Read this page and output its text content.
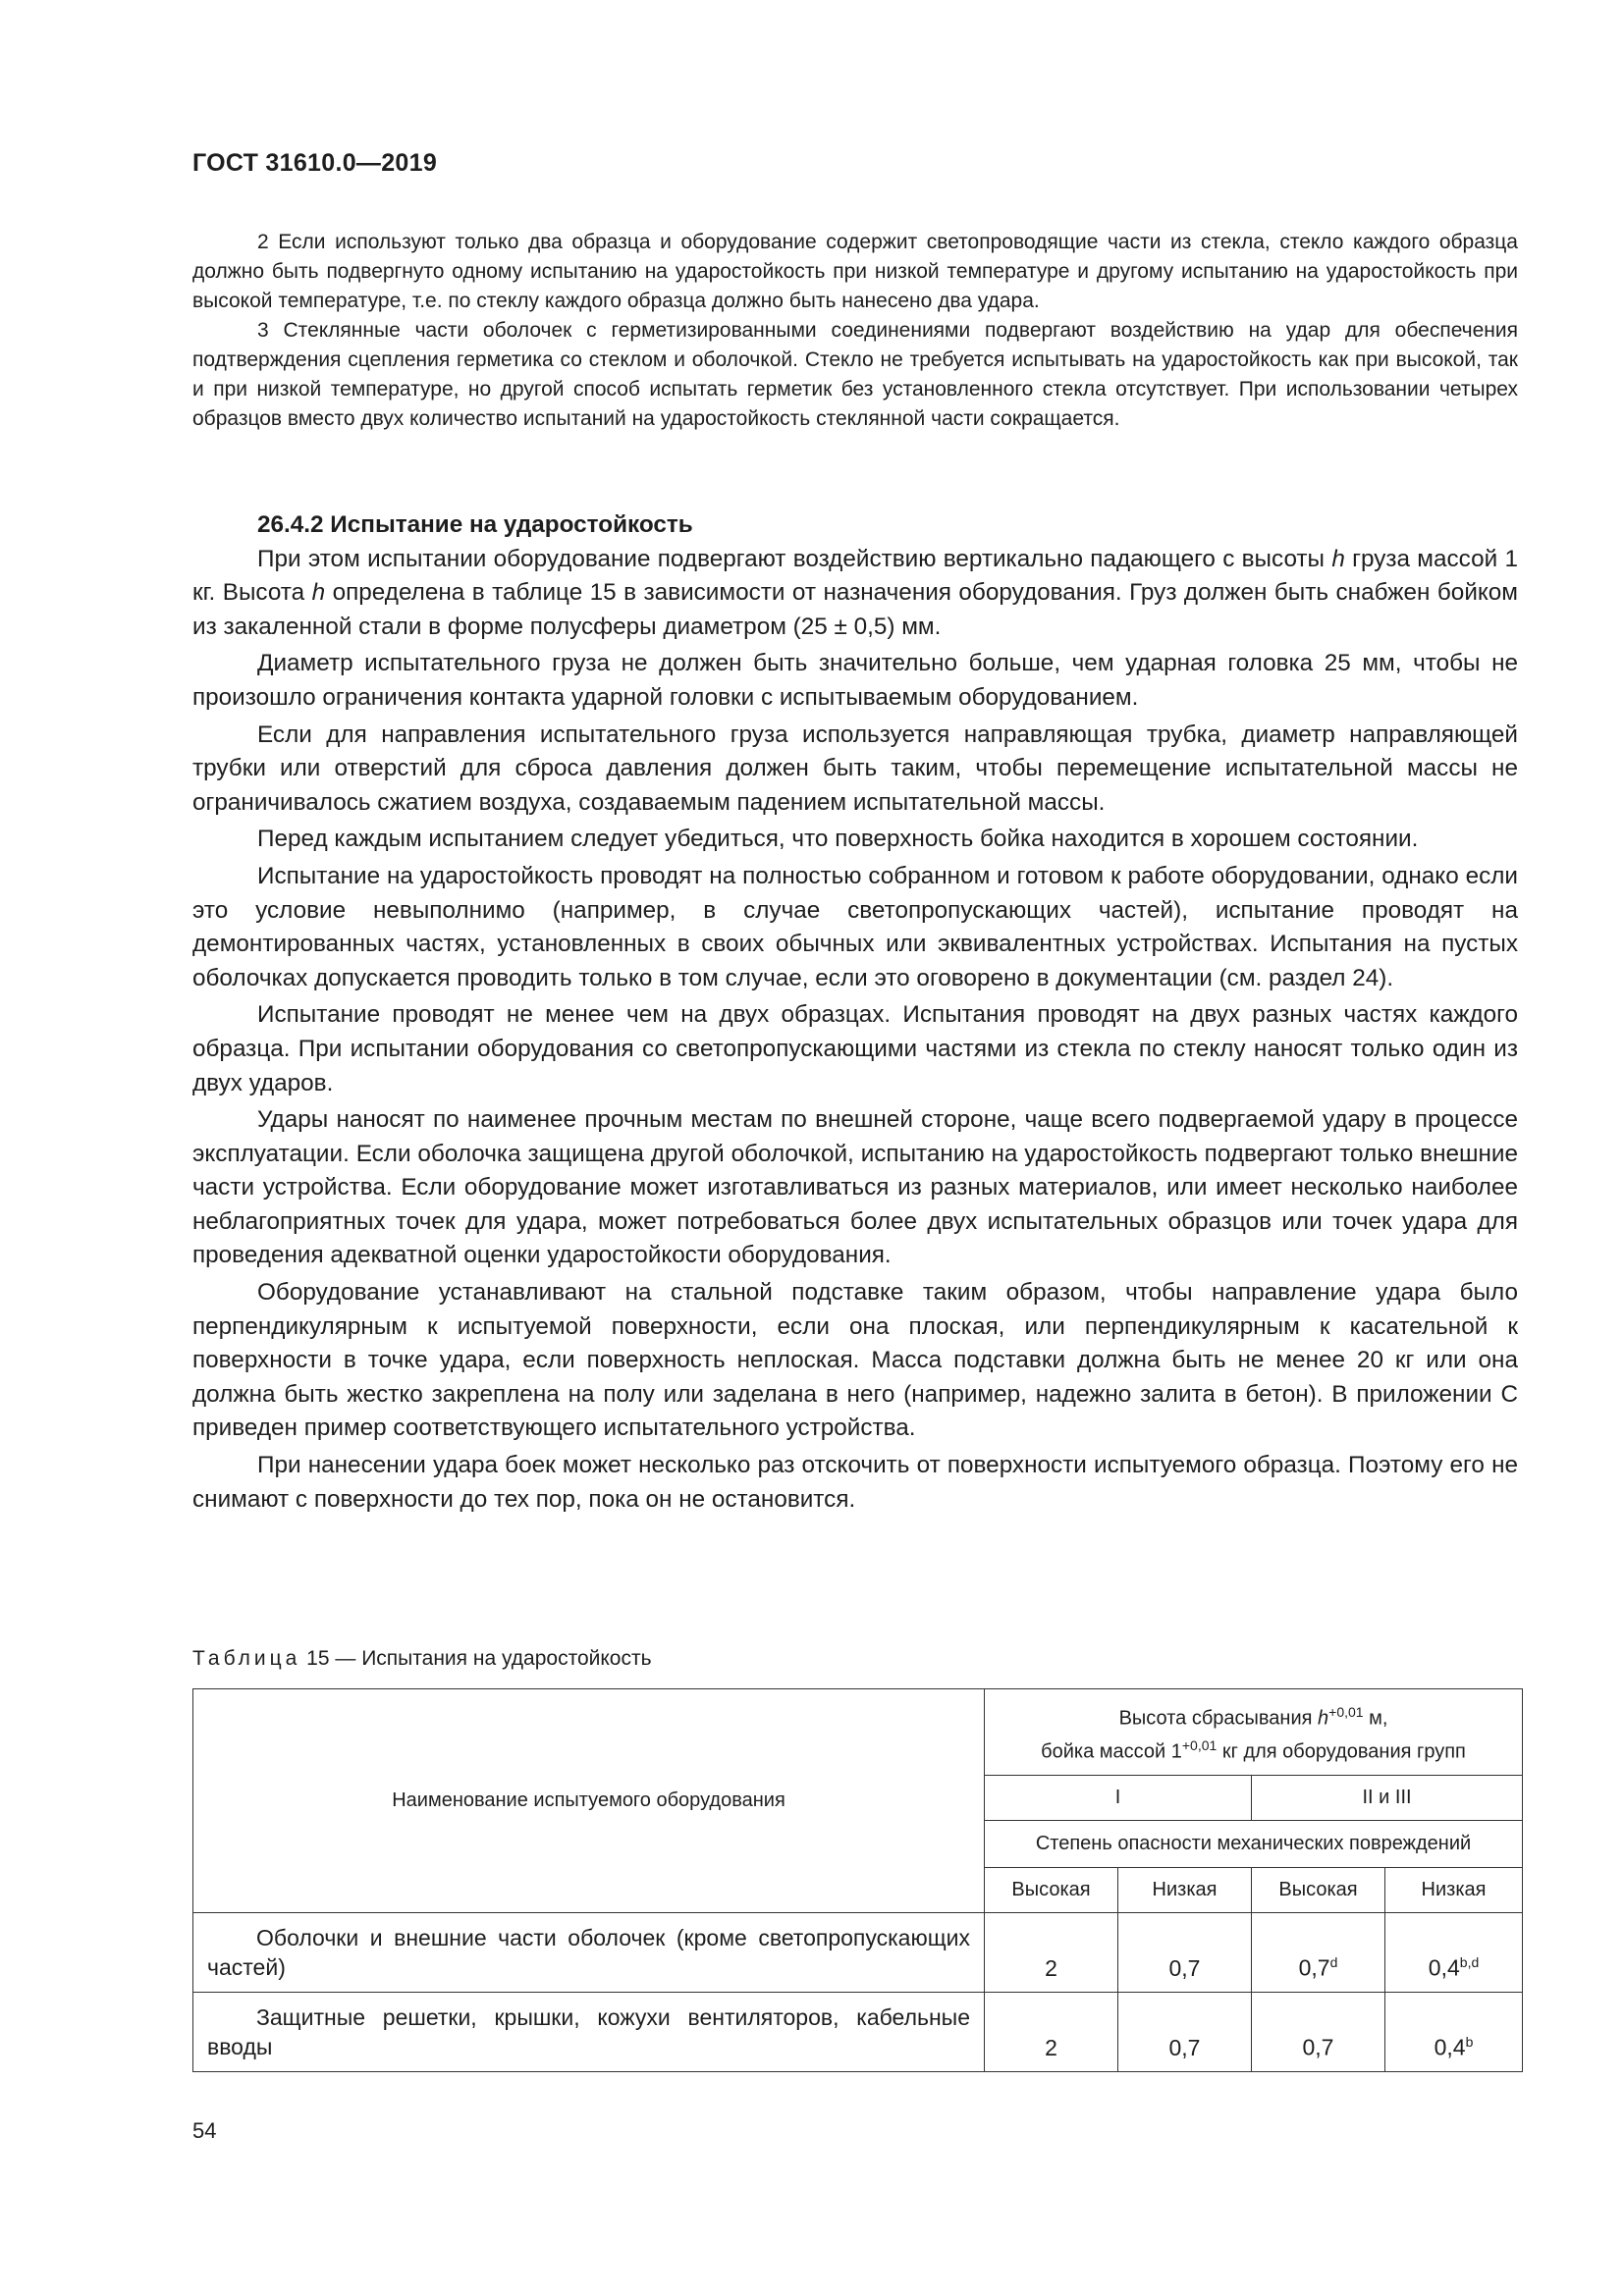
ГОСТ 31610.0—2019

2 Если используют только два образца и оборудование содержит светопроводящие части из стекла, стекло каждого образца должно быть подвергнуто одному испытанию на ударостойкость при низкой температуре и другому испытанию на ударостойкость при высокой температуре, т.е. по стеклу каждого образца должно быть нанесено два удара.

3 Стеклянные части оболочек с герметизированными соединениями подвергают воздействию на удар для обеспечения подтверждения сцепления герметика со стеклом и оболочкой. Стекло не требуется испытывать на ударостойкость как при высокой, так и при низкой температуре, но другой способ испытать герметик без установленного стекла отсутствует. При использовании четырех образцов вместо двух количество испытаний на ударостойкость стеклянной части сокращается.

26.4.2 Испытание на ударостойкость

При этом испытании оборудование подвергают воздействию вертикально падающего с высоты h груза массой 1 кг. Высота h определена в таблице 15 в зависимости от назначения оборудования. Груз должен быть снабжен бойком из закаленной стали в форме полусферы диаметром (25 ± 0,5) мм.

Диаметр испытательного груза не должен быть значительно больше, чем ударная головка 25 мм, чтобы не произошло ограничения контакта ударной головки с испытываемым оборудованием.

Если для направления испытательного груза используется направляющая трубка, диаметр направляющей трубки или отверстий для сброса давления должен быть таким, чтобы перемещение испытательной массы не ограничивалось сжатием воздуха, создаваемым падением испытательной массы.

Перед каждым испытанием следует убедиться, что поверхность бойка находится в хорошем состоянии.

Испытание на ударостойкость проводят на полностью собранном и готовом к работе оборудовании, однако если это условие невыполнимо (например, в случае светопропускающих частей), испытание проводят на демонтированных частях, установленных в своих обычных или эквивалентных устройствах. Испытания на пустых оболочках допускается проводить только в том случае, если это оговорено в документации (см. раздел 24).

Испытание проводят не менее чем на двух образцах. Испытания проводят на двух разных частях каждого образца. При испытании оборудования со светопропускающими частями из стекла по стеклу наносят только один из двух ударов.

Удары наносят по наименее прочным местам по внешней стороне, чаще всего подвергаемой удару в процессе эксплуатации. Если оболочка защищена другой оболочкой, испытанию на ударостойкость подвергают только внешние части устройства. Если оборудование может изготавливаться из разных материалов, или имеет несколько наиболее неблагоприятных точек для удара, может потребоваться более двух испытательных образцов или точек удара для проведения адекватной оценки ударостойкости оборудования.

Оборудование устанавливают на стальной подставке таким образом, чтобы направление удара было перпендикулярным к испытуемой поверхности, если она плоская, или перпендикулярным к касательной к поверхности в точке удара, если поверхность неплоская. Масса подставки должна быть не менее 20 кг или она должна быть жестко закреплена на полу или заделана в него (например, надежно залита в бетон). В приложении С приведен пример соответствующего испытательного устройства.

При нанесении удара боек может несколько раз отскочить от поверхности испытуемого образца. Поэтому его не снимают с поверхности до тех пор, пока он не остановится.

Таблица 15 — Испытания на ударостойкость
Наименование испытуемого оборудования	Высота сбрасывания $h^{+0,01}$ м,
бойка массой $1^{+0,01}$ кг для оборудования групп			
	I		II и III	
	Степень опасности механических повреждений			
	Высокая	Низкая	Высокая	Низкая
Оболочки и внешние части оболочек (кроме светопропускающих частей)	2	0,7	0,7$^d$	0,4$^{b,d}$
Защитные решетки, крышки, кожухи вентиляторов, кабельные вводы	2	0,7	0,7	0,4$^b$
54
